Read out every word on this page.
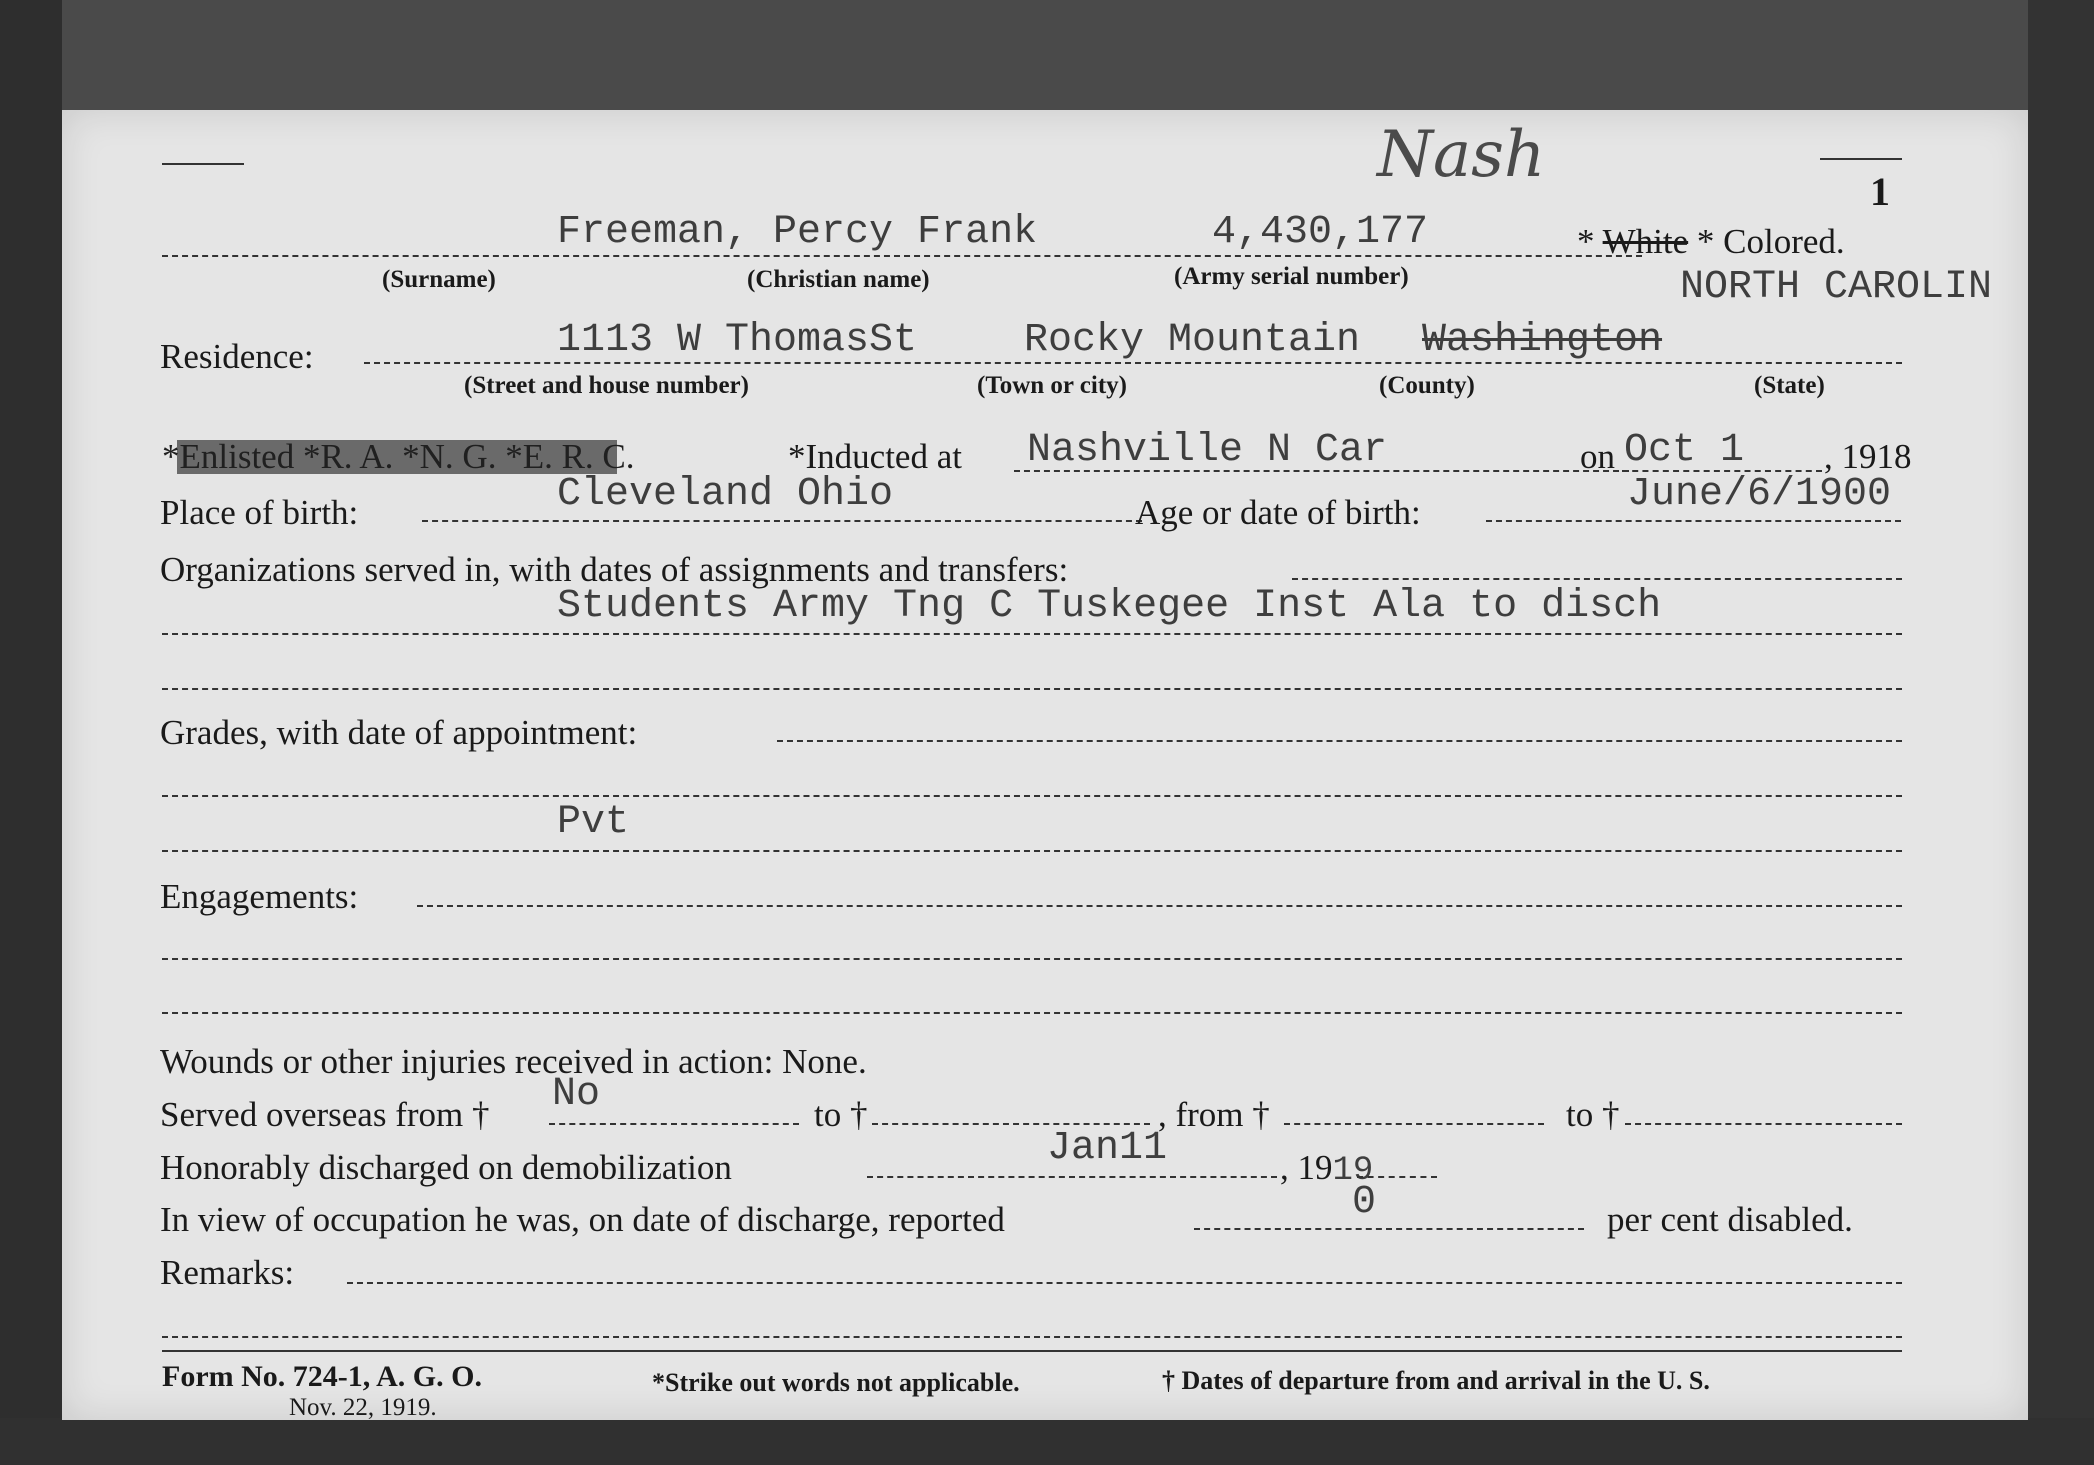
1
Nash
Freeman, Percy Frank	4,430,177	* White * Colored.
(Surname)	(Christian name)	(Army serial number)	NORTH CAROLIN
Residence:	1113 W ThomasSt	Rocky Mountain Washington
(Street and house number)	(Town or city)	(County)	(State)
*Enlisted *R. A. *N. G. *E. R. C.	*Inducted at Nashville N Car	on Oct 1 , 1918
Place of birth:	Cleveland Ohio	Age or date of birth:	June/6/1900
Organizations served in, with dates of assignments and transfers:
Students Army Tng C Tuskegee Inst Ala to disch
Grades, with date of appointment:
Pvt
Engagements:
Wounds or other injuries received in action: None.
Served overseas from † No	to †	, from †	to †
Honorably discharged on demobilization	Jan11	, 1919
In view of occupation he was, on date of discharge, reported	0	per cent disabled.
Remarks:
Form No. 724-1, A. G. O.
Nov. 22, 1919.
*Strike out words not applicable.	† Dates of departure from and arrival in the U. S.
